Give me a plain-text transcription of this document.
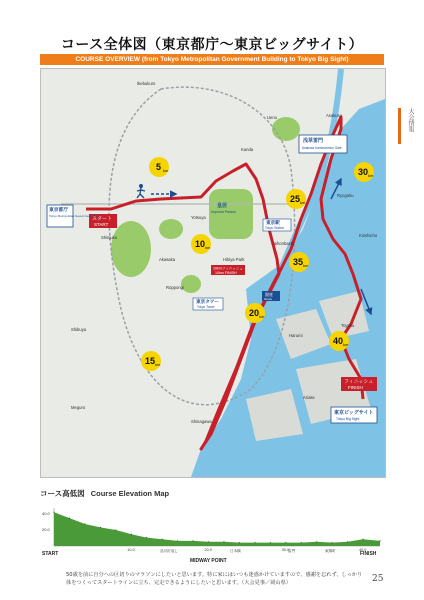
コース全体図（東京都庁～東京ビッグサイト）
COURSE OVERVIEW (from Tokyo Metropolitan Government Building to Tokyo Big Sight)
大会情報
5 km
10 km
15 km
20 km
25 km
30 km
35 km
40 km
スタート
START
フィニッシュ
FINISH
10kmフィニッシュ
10km FINISH
東京都庁
Tokyo Metropolitan Government Office
皇居
Imperial Palace
東京駅
Tokyo Station
浅草雷門
Asakusa Kaminarimon Gate
東京タワー
Tokyo Tower
東京ビッグサイト
Tokyo Big Sight
銀座
Ginza
Ikebukuro
Kanda
Yotsuya
Shinjuku
Shibuya
Roppongi
Meguro
Shinagawa
Akasaka
Ueno
Ryogoku
Toyosu
Harumi
Ariake
Asakusa
Kinshicho
Hibiya Park
Nihonbashi
コース高低図 Course Elevation Map
40.0
20.0
START	FINISH
MIDWAY POINT
品川折返し	日本橋	雷門	東陽町
10.0	20.0	30.0	40.0
50歳を前に自分への区切りのマラソンにしたいと思います。特に家にはいつも迷惑かけていますので、感謝を忘れず、しっかり体をつくってスタートラインに立ち、完走できるようにしたいと思います。（大会見事／岡山県）	25
